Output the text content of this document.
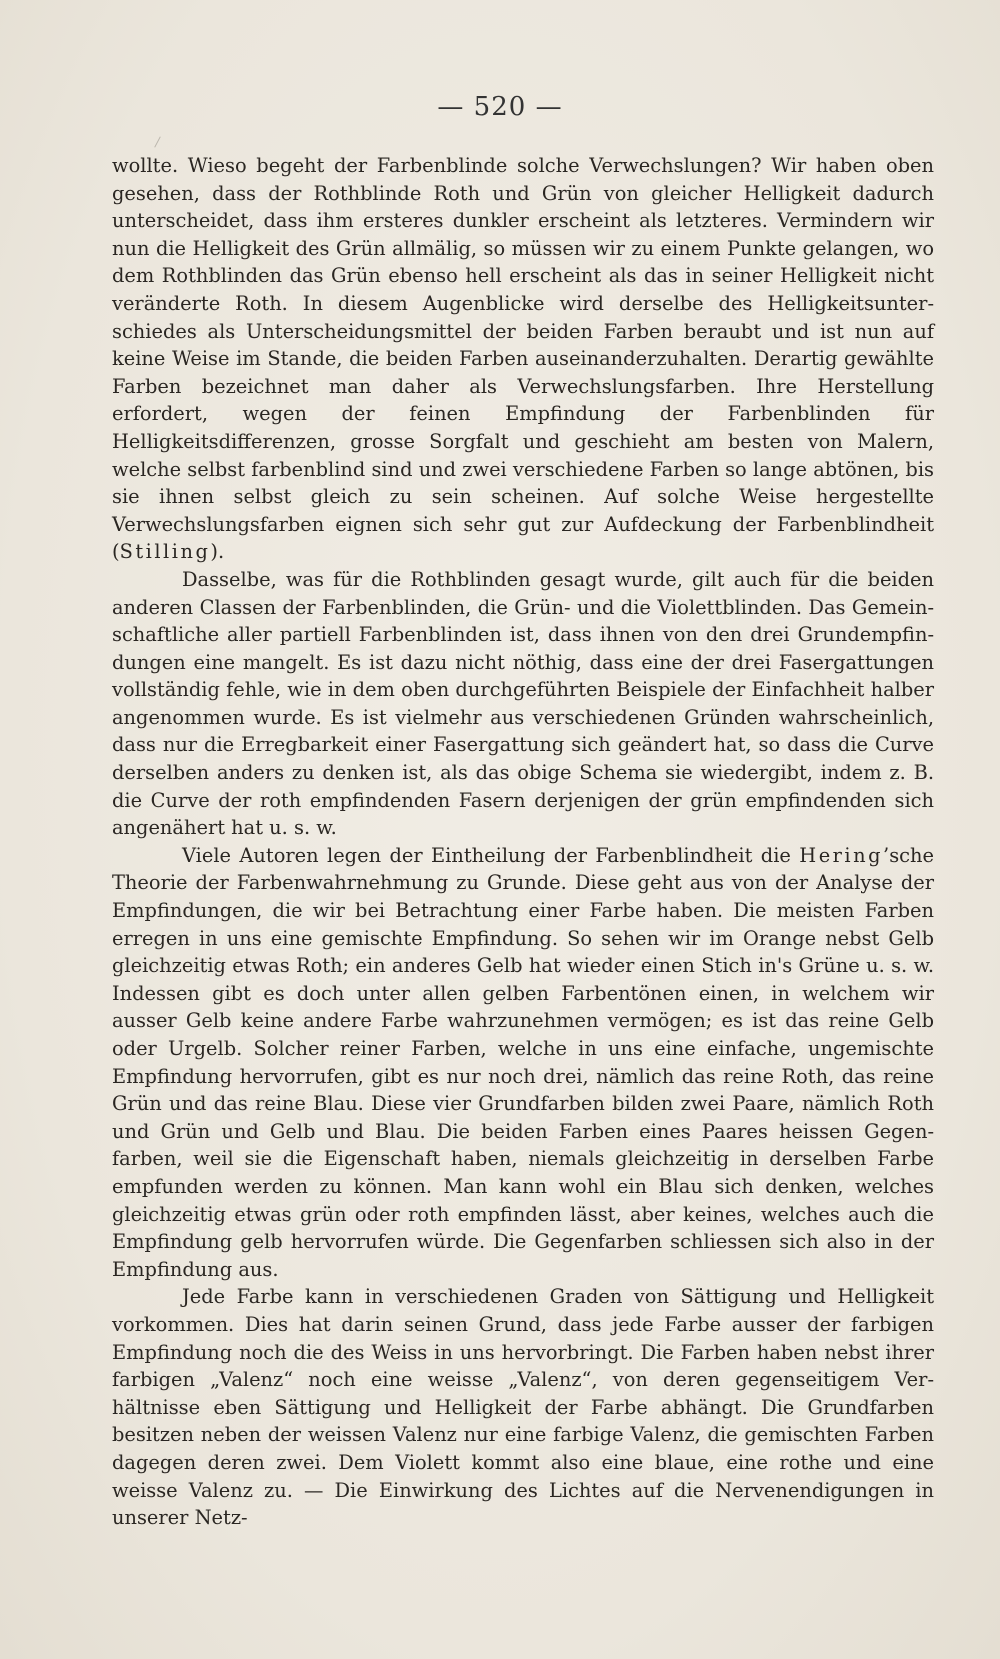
— 520 —

wollte. Wieso begeht der Farbenblinde solche Verwechslungen? Wir haben oben gesehen, dass der Rothblinde Roth und Grün von gleicher Helligkeit dadurch unterscheidet, dass ihm ersteres dunkler erscheint als letzteres. Vermindern wir nun die Helligkeit des Grün allmälig, so müssen wir zu einem Punkte gelangen, wo dem Rothblinden das Grün ebenso hell erscheint als das in seiner Helligkeit nicht veränderte Roth. In diesem Augenblicke wird derselbe des Helligkeitsunterschiedes als Unterscheidungsmittel der beiden Farben beraubt und ist nun auf keine Weise im Stande, die beiden Farben auseinanderzuhalten. Derartig gewählte Farben bezeichnet man daher als Verwechslungsfarben. Ihre Herstellung erfordert, wegen der feinen Empfindung der Farbenblinden für Helligkeitsdifferenzen, grosse Sorgfalt und geschieht am besten von Malern, welche selbst farbenblind sind und zwei verschiedene Farben so lange abtönen, bis sie ihnen selbst gleich zu sein scheinen. Auf solche Weise hergestellte Verwechslungsfarben eignen sich sehr gut zur Aufdeckung der Farbenblindheit (Stilling).

Dasselbe, was für die Rothblinden gesagt wurde, gilt auch für die beiden anderen Classen der Farbenblinden, die Grün- und die Violettblinden. Das Gemeinschaftliche aller partiell Farbenblinden ist, dass ihnen von den drei Grundempfindungen eine mangelt. Es ist dazu nicht nöthig, dass eine der drei Fasergattungen vollständig fehle, wie in dem oben durchgeführten Beispiele der Einfachheit halber angenommen wurde. Es ist vielmehr aus verschiedenen Gründen wahrscheinlich, dass nur die Erregbarkeit einer Fasergattung sich geändert hat, so dass die Curve derselben anders zu denken ist, als das obige Schema sie wiedergibt, indem z. B. die Curve der roth empfindenden Fasern derjenigen der grün empfindenden sich angenähert hat u. s. w.

Viele Autoren legen der Eintheilung der Farbenblindheit die Hering’sche Theorie der Farbenwahrnehmung zu Grunde. Diese geht aus von der Analyse der Empfindungen, die wir bei Betrachtung einer Farbe haben. Die meisten Farben erregen in uns eine gemischte Empfindung. So sehen wir im Orange nebst Gelb gleichzeitig etwas Roth; ein anderes Gelb hat wieder einen Stich in's Grüne u. s. w. Indessen gibt es doch unter allen gelben Farbentönen einen, in welchem wir ausser Gelb keine andere Farbe wahrzunehmen vermögen; es ist das reine Gelb oder Urgelb. Solcher reiner Farben, welche in uns eine einfache, ungemischte Empfindung hervorrufen, gibt es nur noch drei, nämlich das reine Roth, das reine Grün und das reine Blau. Diese vier Grundfarben bilden zwei Paare, nämlich Roth und Grün und Gelb und Blau. Die beiden Farben eines Paares heissen Gegenfarben, weil sie die Eigenschaft haben, niemals gleichzeitig in derselben Farbe empfunden werden zu können. Man kann wohl ein Blau sich denken, welches gleichzeitig etwas grün oder roth empfinden lässt, aber keines, welches auch die Empfindung gelb hervorrufen würde. Die Gegenfarben schliessen sich also in der Empfindung aus.

Jede Farbe kann in verschiedenen Graden von Sättigung und Helligkeit vorkommen. Dies hat darin seinen Grund, dass jede Farbe ausser der farbigen Empfindung noch die des Weiss in uns hervorbringt. Die Farben haben nebst ihrer farbigen „Valenz“ noch eine weisse „Valenz“, von deren gegenseitigem Verhältnisse eben Sättigung und Helligkeit der Farbe abhängt. Die Grundfarben besitzen neben der weissen Valenz nur eine farbige Valenz, die gemischten Farben dagegen deren zwei. Dem Violett kommt also eine blaue, eine rothe und eine weisse Valenz zu. — Die Einwirkung des Lichtes auf die Nervenendigungen in unserer Netz-
